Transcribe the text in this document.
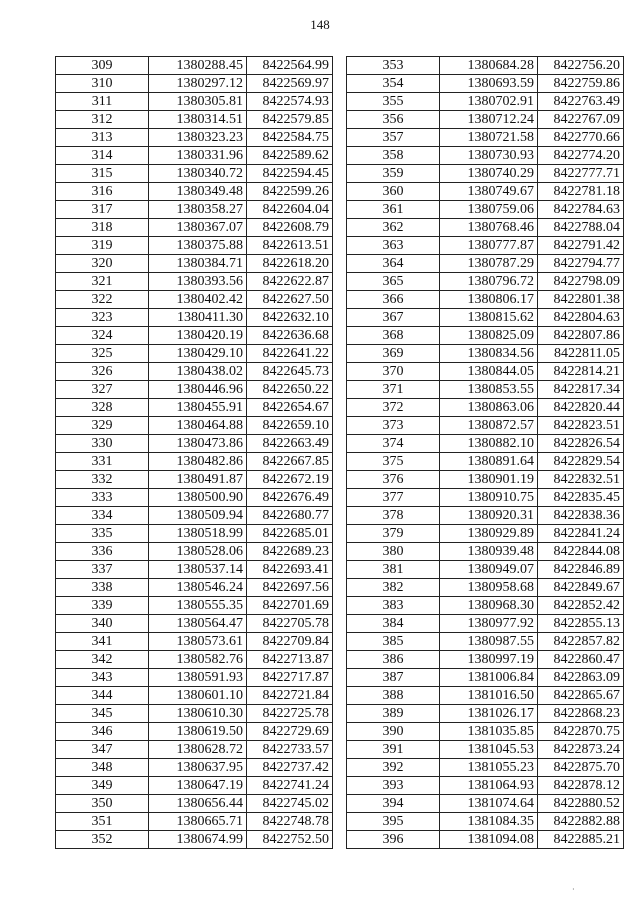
148
309	1380288.45	8422564.99
310	1380297.12	8422569.97
311	1380305.81	8422574.93
312	1380314.51	8422579.85
313	1380323.23	8422584.75
314	1380331.96	8422589.62
315	1380340.72	8422594.45
316	1380349.48	8422599.26
317	1380358.27	8422604.04
318	1380367.07	8422608.79
319	1380375.88	8422613.51
320	1380384.71	8422618.20
321	1380393.56	8422622.87
322	1380402.42	8422627.50
323	1380411.30	8422632.10
324	1380420.19	8422636.68
325	1380429.10	8422641.22
326	1380438.02	8422645.73
327	1380446.96	8422650.22
328	1380455.91	8422654.67
329	1380464.88	8422659.10
330	1380473.86	8422663.49
331	1380482.86	8422667.85
332	1380491.87	8422672.19
333	1380500.90	8422676.49
334	1380509.94	8422680.77
335	1380518.99	8422685.01
336	1380528.06	8422689.23
337	1380537.14	8422693.41
338	1380546.24	8422697.56
339	1380555.35	8422701.69
340	1380564.47	8422705.78
341	1380573.61	8422709.84
342	1380582.76	8422713.87
343	1380591.93	8422717.87
344	1380601.10	8422721.84
345	1380610.30	8422725.78
346	1380619.50	8422729.69
347	1380628.72	8422733.57
348	1380637.95	8422737.42
349	1380647.19	8422741.24
350	1380656.44	8422745.02
351	1380665.71	8422748.78
352	1380674.99	8422752.50
353	1380684.28	8422756.20
354	1380693.59	8422759.86
355	1380702.91	8422763.49
356	1380712.24	8422767.09
357	1380721.58	8422770.66
358	1380730.93	8422774.20
359	1380740.29	8422777.71
360	1380749.67	8422781.18
361	1380759.06	8422784.63
362	1380768.46	8422788.04
363	1380777.87	8422791.42
364	1380787.29	8422794.77
365	1380796.72	8422798.09
366	1380806.17	8422801.38
367	1380815.62	8422804.63
368	1380825.09	8422807.86
369	1380834.56	8422811.05
370	1380844.05	8422814.21
371	1380853.55	8422817.34
372	1380863.06	8422820.44
373	1380872.57	8422823.51
374	1380882.10	8422826.54
375	1380891.64	8422829.54
376	1380901.19	8422832.51
377	1380910.75	8422835.45
378	1380920.31	8422838.36
379	1380929.89	8422841.24
380	1380939.48	8422844.08
381	1380949.07	8422846.89
382	1380958.68	8422849.67
383	1380968.30	8422852.42
384	1380977.92	8422855.13
385	1380987.55	8422857.82
386	1380997.19	8422860.47
387	1381006.84	8422863.09
388	1381016.50	8422865.67
389	1381026.17	8422868.23
390	1381035.85	8422870.75
391	1381045.53	8422873.24
392	1381055.23	8422875.70
393	1381064.93	8422878.12
394	1381074.64	8422880.52
395	1381084.35	8422882.88
396	1381094.08	8422885.21
·
